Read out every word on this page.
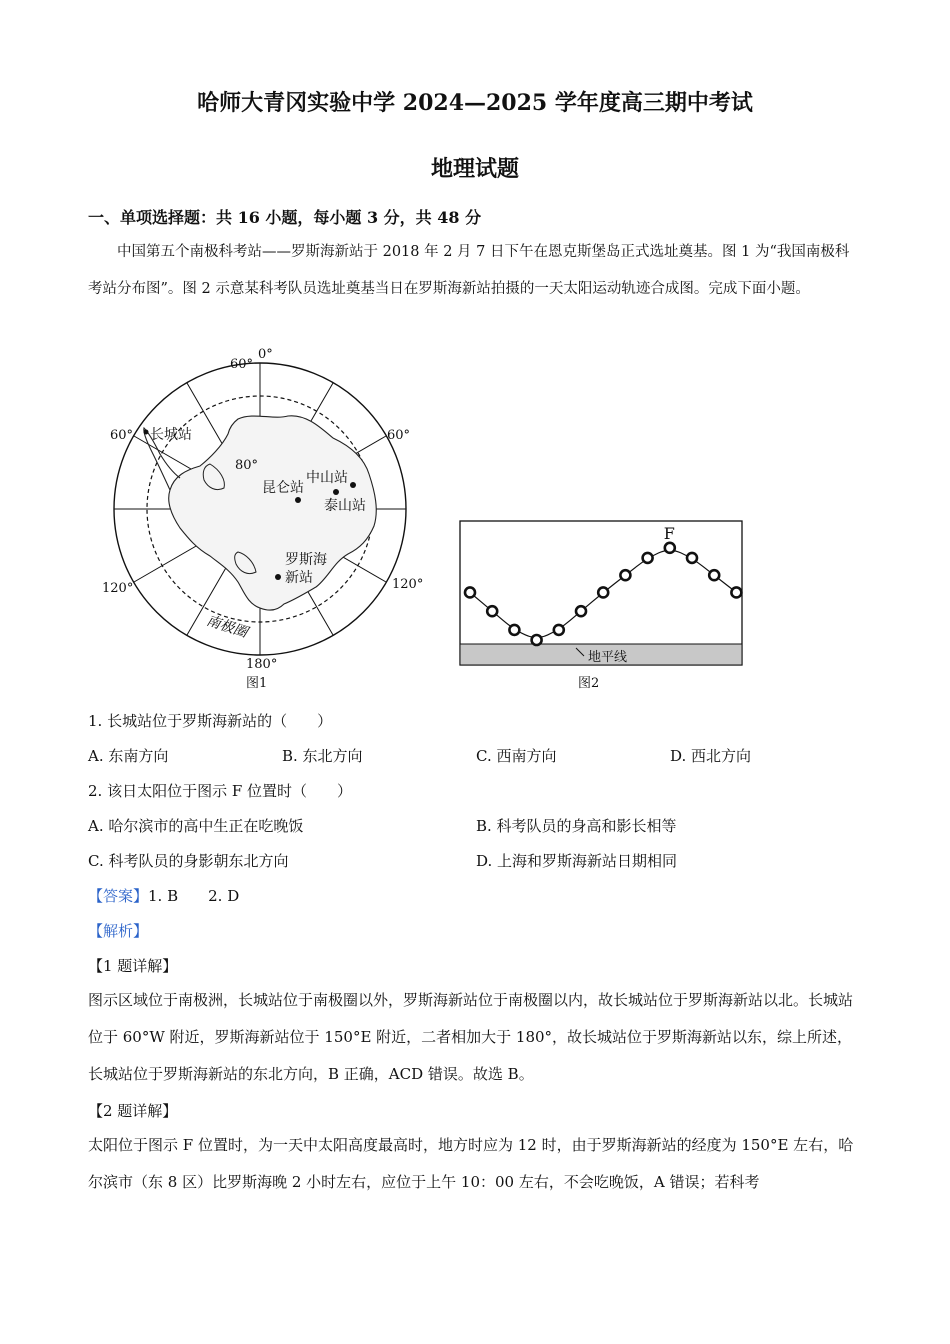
哈师大青冈实验中学 2024—2025 学年度高三期中考试
地理试题
一、单项选择题：共 16 小题，每小题 3 分，共 48 分
中国第五个南极科考站——罗斯海新站于 2018 年 2 月 7 日下午在恩克斯堡岛正式选址奠基。图 1 为“我国南极科考站分布图”。图 2 示意某科考队员选址奠基当日在罗斯海新站拍摄的一天太阳运动轨迹合成图。完成下面小题。
0°
60°
60°	60°
80°
120°	120°
180°
长城站
昆仑站
中山站
泰山站
罗斯海
新站
南极圈
图1
F
地平线
图2
1. 长城站位于罗斯海新站的（　　）
A. 东南方向	B. 东北方向	C. 西南方向	D. 西北方向
2. 该日太阳位于图示 F 位置时（　　）
A. 哈尔滨市的高中生正在吃晚饭	B. 科考队员的身高和影长相等
C. 科考队员的身影朝东北方向	D. 上海和罗斯海新站日期相同
【答案】1. B　　2. D
【解析】
【1 题详解】
图示区域位于南极洲，长城站位于南极圈以外，罗斯海新站位于南极圈以内，故长城站位于罗斯海新站以北。长城站位于 60°W 附近，罗斯海新站位于 150°E 附近，二者相加大于 180°，故长城站位于罗斯海新站以东，综上所述，长城站位于罗斯海新站的东北方向，B 正确，ACD 错误。故选 B。
【2 题详解】
太阳位于图示 F 位置时，为一天中太阳高度最高时，地方时应为 12 时，由于罗斯海新站的经度为 150°E 左右，哈尔滨市（东 8 区）比罗斯海晚 2 小时左右，应位于上午 10：00 左右，不会吃晚饭，A 错误；若科考
